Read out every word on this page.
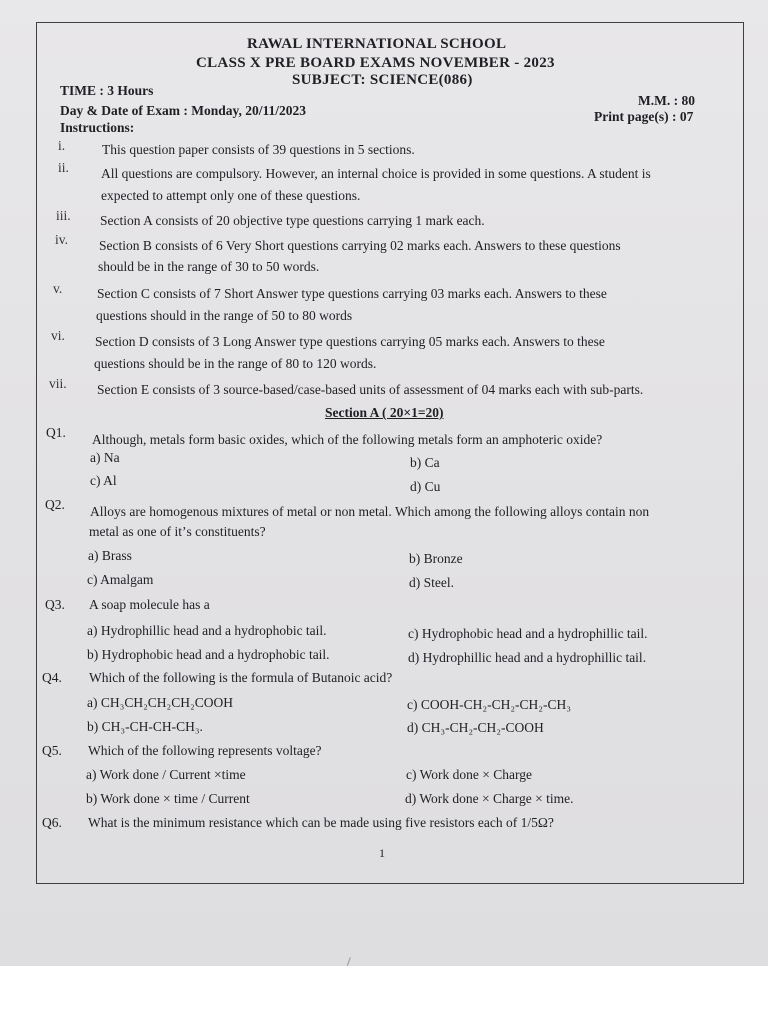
RAWAL INTERNATIONAL SCHOOL
CLASS X PRE BOARD EXAMS NOVEMBER - 2023
SUBJECT: SCIENCE(086)
TIME : 3 Hours
M.M. : 80
Day & Date of Exam : Monday, 20/11/2023	Print page(s) : 07
Instructions:
i.	This question paper consists of 39 questions in 5 sections.
ii. All questions are compulsory. However, an internal choice is provided in some questions. A student is
expected to attempt only one of these questions.
iii. Section A consists of 20 objective type questions carrying 1 mark each.
iv. Section B consists of 6 Very Short questions carrying 02 marks each. Answers to these questions
should be in the range of 30 to 50 words.
v.	Section C consists of 7 Short Answer type questions carrying 03 marks each. Answers to these
questions should in the range of 50 to 80 words
vi. Section D consists of 3 Long Answer type questions carrying 05 marks each. Answers to these
questions should be in the range of 80 to 120 words.
vii. Section E consists of 3 source-based/case-based units of assessment of 04 marks each with sub-parts.
Section A ( 20×1=20)
Q1. Although, metals form basic oxides, which of the following metals form an amphoteric oxide?
a) Na	b) Ca
c) Al	d) Cu
Q2. Alloys are homogenous mixtures of metal or non metal. Which among the following alloys contain non
metal as one of itʼs constituents?
a) Brass	b) Bronze
c) Amalgam	d) Steel.
Q3. A soap molecule has a
a) Hydrophillic head and a hydrophobic tail.	c) Hydrophobic head and a hydrophillic tail.
b) Hydrophobic head and a hydrophobic tail.	d) Hydrophillic head and a hydrophillic tail.
Q4. Which of the following is the formula of Butanoic acid?
a) CH₃CH₂CH₂CH₂COOH	c) COOH-CH₂-CH₂-CH₂-CH₃
b) CH₃-CH-CH-CH₃.	d) CH₃-CH₂-CH₂-COOH
Q5. Which of the following represents voltage?
a) Work done / Current ×time	c) Work done × Charge
b) Work done × time / Current	d) Work done × Charge × time.
Q6. What is the minimum resistance which can be made using five resistors each of 1/5Ω?
1
